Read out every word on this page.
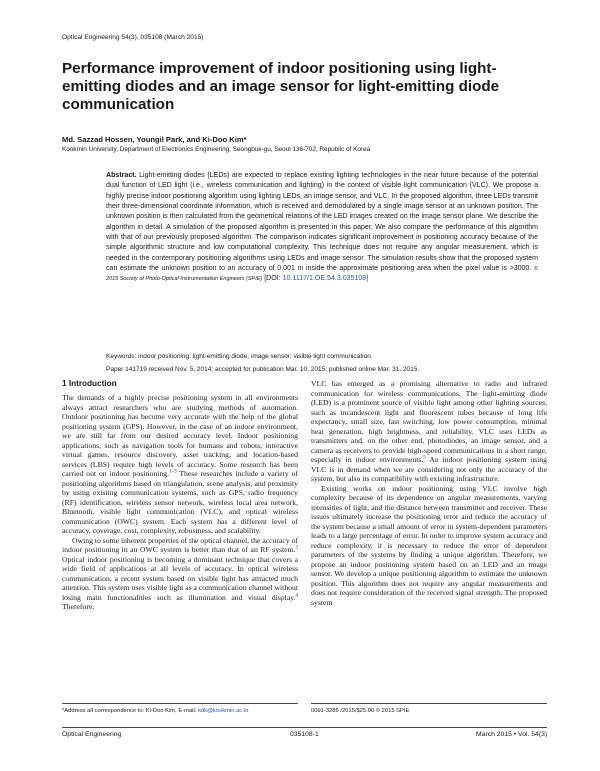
Optical Engineering 54(3), 035108 (March 2015)
Performance improvement of indoor positioning using light-emitting diodes and an image sensor for light-emitting diode communication
Md. Sazzad Hossen, Youngil Park, and Ki-Doo Kim*
Kookmin University, Department of Electronics Engineering, Seongbuk-gu, Seoul 136-702, Republic of Korea

Abstract. Light-emitting diodes (LEDs) are expected to replace existing lighting technologies in the near future because of the potential dual function of LED light (i.e., wireless communication and lighting) in the context of visible light communication (VLC). We propose a highly precise indoor positioning algorithm using lighting LEDs, an image sensor, and VLC. In the proposed algorithm, three LEDs transmit their three-dimensional coordinate information, which is received and demodulated by a single image sensor at an unknown position. The unknown position is then calculated from the geometrical relations of the LED images created on the image sensor plane. We describe the algorithm in detail. A simulation of the proposed algorithm is presented in this paper. We also compare the performance of this algorithm with that of our previously proposed algorithm. The comparison indicates significant improvement in positioning accuracy because of the simple algorithmic structure and low computational complexity. This technique does not require any angular measurement, which is needed in the contemporary positioning algorithms using LEDs and image sensor. The simulation results show that the proposed system can estimate the unknown position to an accuracy of 0.001 m inside the approximate positioning area when the pixel value is >3000. © 2015 Society of Photo-Optical Instrumentation Engineers (SPIE) [DOI: 10.1117/1.OE.54.3.035108]

Keywords: indoor positioning; light-emitting diode; image sensor; visible light communication.
Paper 141719 received Nov. 5, 2014; accepted for publication Mar. 10, 2015; published online Mar. 31, 2015.
1 Introduction

The demands of a highly precise positioning system in all environments always attract researchers who are studying methods of automation. Outdoor positioning has become very accurate with the help of the global positioning system (GPS). However, in the case of an indoor environment, we are still far from our desired accuracy level. Indoor positioning applications, such as navigation tools for humans and robots, interactive virtual games, resource discovery, asset tracking, and location-based services (LBS) require high levels of accuracy. Some research has been carried out on indoor positioning.$^{1-3}$ These researches include a variety of positioning algorithms based on triangulation, scene analysis, and proximity by using existing communication systems, such as GPS, radio frequency (RF) identification, wireless sensor network, wireless local area network, Bluetooth, visible light communication (VLC), and optical wireless communication (OWC) system. Each system has a different level of accuracy, coverage, cost, complexity, robustness, and scalability.

Owing to some inherent properties of the optical channel, the accuracy of indoor positioning in an OWC system is better than that of an RF system.$^3$ Optical indoor positioning is becoming a dominant technique that covers a wide field of applications at all levels of accuracy. In optical wireless communication, a recent system based on visible light has attracted much attention. This system uses visible light as a communication channel without losing main functionalities such as illumination and visual display.$^4$ Therefore,

VLC has emerged as a promising alternative to radio and infrared communication for wireless communications. The light-emitting diode (LED) is a prominent source of visible light among other lighting sources, such as incandescent light and fluorescent tubes because of long life expectancy, small size, fast switching, low power consumption, minimal heat generation, high brightness, and reliability. VLC uses LEDs as transmitters and, on the other end, photodiodes, an image sensor, and a camera as receivers to provide high-speed communications in a short range, especially in indoor environments.$^5$ An indoor positioning system using VLC is in demand when we are considering not only the accuracy of the system, but also its compatibility with existing infrastructure.

Existing works on indoor positioning using VLC involve high complexity because of its dependence on angular measurements, varying intensities of light, and the distance between transmitter and receiver. These issues ultimately increase the positioning error and reduce the accuracy of the system because a small amount of error in system-dependent parameters leads to a large percentage of error. In order to improve system accuracy and reduce complexity, it is necessary to reduce the error of dependent parameters of the systems by finding a unique algorithm. Therefore, we propose an indoor positioning system based on an LED and an image sensor. We develop a unique positioning algorithm to estimate the unknown position. This algorithm does not require any angular measurements and does not require consideration of the received signal strength. The proposed system

*Address all correspondence to: Ki-Doo Kim, E-mail: kdk@kookmin.ac.kr	0091-3286 /2015/$25.00 © 2015 SPIE
Optical Engineering	035108-1	March 2015 • Vol. 54(3)
